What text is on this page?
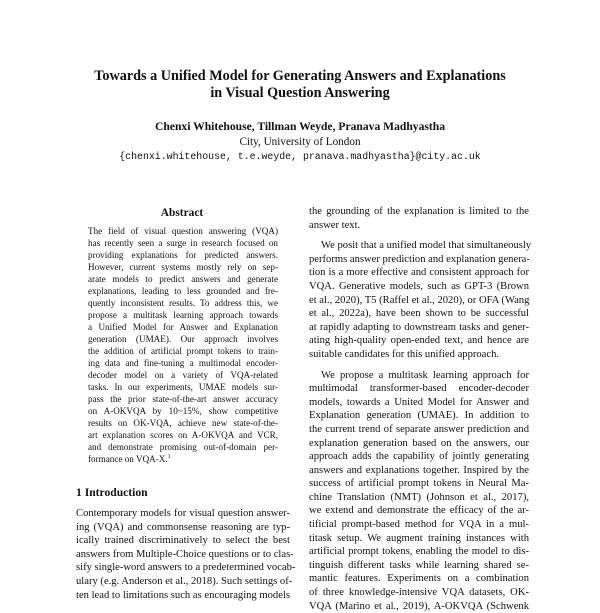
Towards a Unified Model for Generating Answers and Explanations
in Visual Question Answering
Chenxi Whitehouse, Tillman Weyde, Pranava Madhyastha
City, University of London
{chenxi.whitehouse, t.e.weyde, pranava.madhyastha}@city.ac.uk
Abstract
The field of visual question answering (VQA)
has recently seen a surge in research focused on
providing explanations for predicted answers.
However, current systems mostly rely on sep-
arate models to predict answers and generate
explanations, leading to less grounded and fre-
quently inconsistent results. To address this, we
propose a multitask learning approach towards
a Unified Model for Answer and Explanation
generation (UMAE). Our approach involves
the addition of artificial prompt tokens to train-
ing data and fine-tuning a multimodal encoder-
decoder model on a variety of VQA-related
tasks. In our experiments, UMAE models sur-
pass the prior state-of-the-art answer accuracy
on A-OKVQA by 10~15%, show competitive
results on OK-VQA, achieve new state-of-the-
art explanation scores on A-OKVQA and VCR,
and demonstrate promising out-of-domain per-
formance on VQA-X.$^1$
1 Introduction
Contemporary models for visual question answer-
ing (VQA) and commonsense reasoning are typ-
ically trained discriminatively to select the best
answers from Multiple-Choice questions or to clas-
sify single-word answers to a predetermined vocab-
ulary (e.g. Anderson et al., 2018). Such settings of-
ten lead to limitations such as encouraging models
the grounding of the explanation is limited to the
answer text.
We posit that a unified model that simultaneously
performs answer prediction and explanation genera-
tion is a more effective and consistent approach for
VQA. Generative models, such as GPT-3 (Brown
et al., 2020), T5 (Raffel et al., 2020), or OFA (Wang
et al., 2022a), have been shown to be successful
at rapidly adapting to downstream tasks and gener-
ating high-quality open-ended text, and hence are
suitable candidates for this unified approach.
We propose a multitask learning approach for
multimodal transformer-based encoder-decoder
models, towards a United Model for Answer and
Explanation generation (UMAE). In addition to
the current trend of separate answer prediction and
explanation generation based on the answers, our
approach adds the capability of jointly generating
answers and explanations together. Inspired by the
success of artificial prompt tokens in Neural Ma-
chine Translation (NMT) (Johnson et al., 2017),
we extend and demonstrate the efficacy of the ar-
tificial prompt-based method for VQA in a mul-
titask setup. We augment training instances with
artificial prompt tokens, enabling the model to dis-
tinguish different tasks while learning shared se-
mantic features. Experiments on a combination
of three knowledge-intensive VQA datasets, OK-
VQA (Marino et al., 2019), A-OKVQA (Schwenk
